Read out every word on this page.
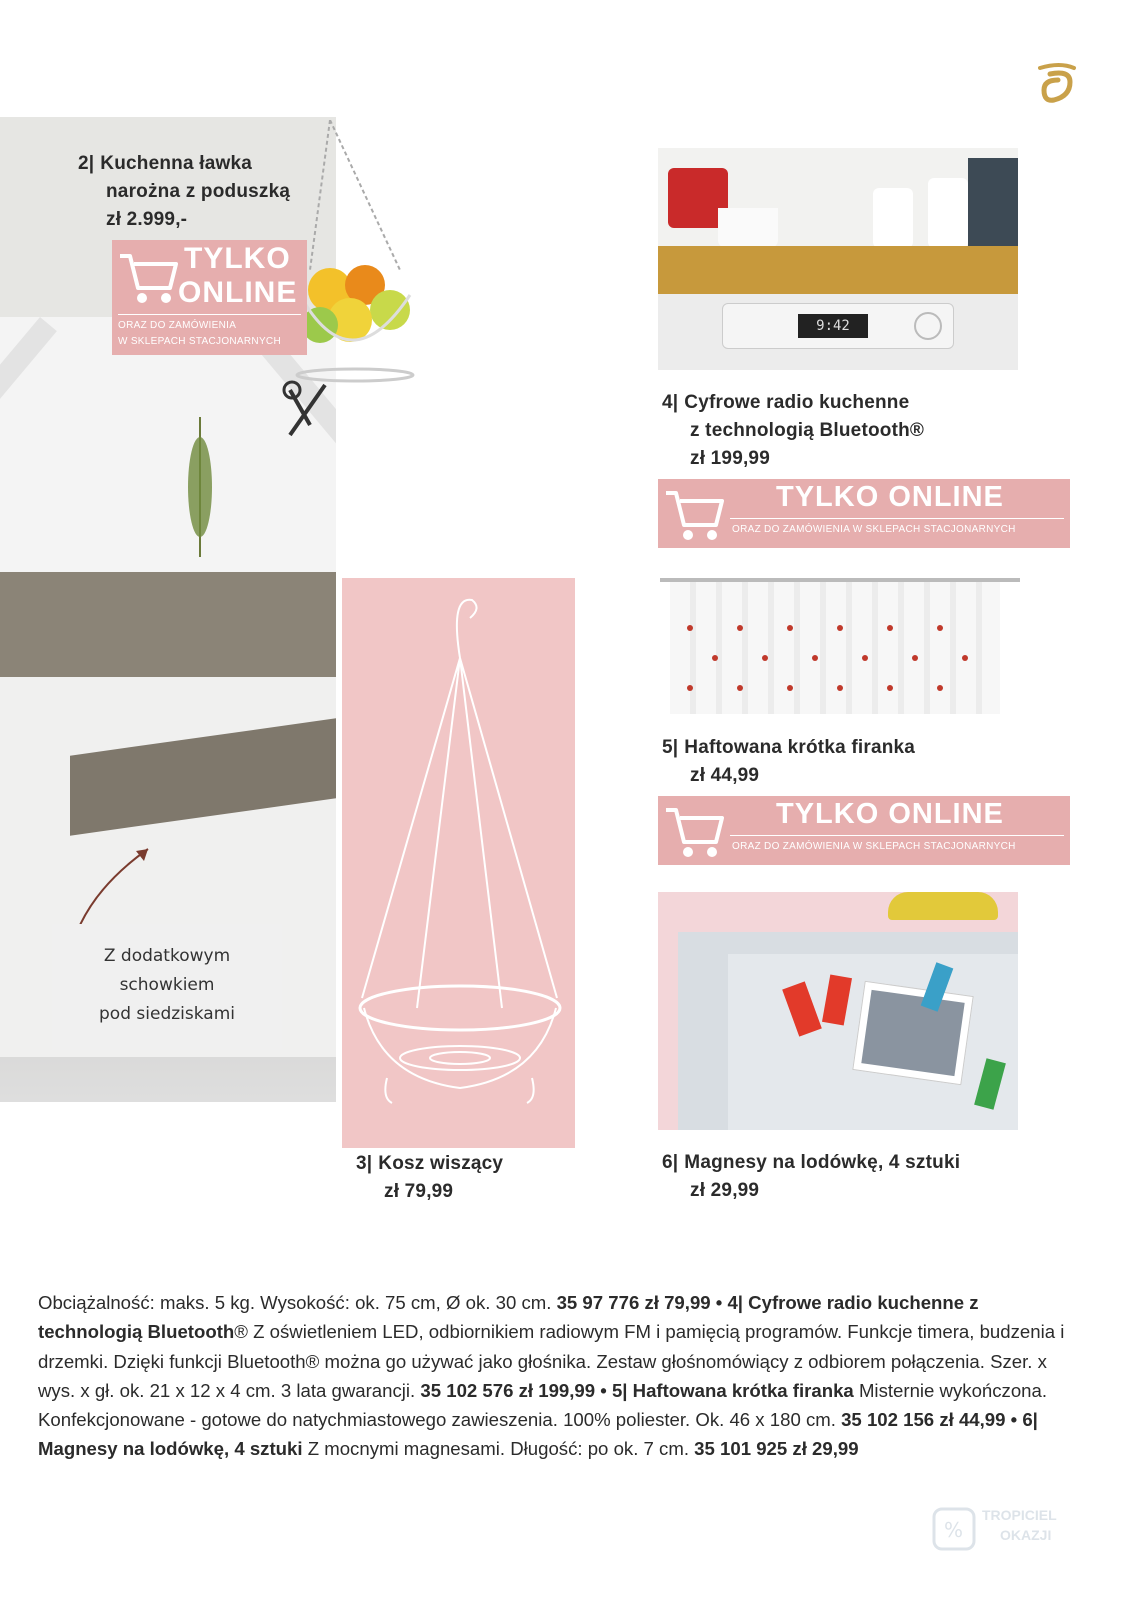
2| Kuchenna ławka
narożna z poduszką
zł 2.999,-
TYLKO
ONLINE
ORAZ DO ZAMÓWIENIA
W SKLEPACH STACJONARNYCH
Z dodatkowym
schowkiem
pod siedziskami
3| Kosz wiszący
zł 79,99
9:42
4| Cyfrowe radio kuchenne
z technologią Bluetooth®
zł 199,99
TYLKO ONLINE
ORAZ DO ZAMÓWIENIA W SKLEPACH STACJONARNYCH
5| Haftowana krótka firanka
zł 44,99
TYLKO ONLINE
ORAZ DO ZAMÓWIENIA W SKLEPACH STACJONARNYCH
6| Magnesy na lodówkę, 4 sztuki
zł 29,99
Obciążalność: maks. 5 kg. Wysokość: ok. 75 cm, Ø ok. 30 cm. 35 97 776 zł 79,99 • 4| Cyfrowe radio kuchenne z technologią Bluetooth® Z oświetleniem LED, odbiornikiem radiowym FM i pamięcią programów. Funkcje timera, budzenia i drzemki. Dzięki funkcji Bluetooth® można go używać jako głośnika. Zestaw głośnomówiący z odbiorem połączenia. Szer. x wys. x gł. ok. 21 x 12 x 4 cm. 3 lata gwarancji. 35 102 576 zł 199,99 • 5| Haftowana krótka firanka Misternie wykończona. Konfekcjonowane - gotowe do natychmiastowego zawieszenia. 100% poliester. Ok. 46 x 180 cm. 35 102 156 zł 44,99 • 6| Magnesy na lodówkę, 4 sztuki Z mocnymi magnesami. Długość: po ok. 7 cm. 35 101 925 zł 29,99
%
TROPICIEL
OKAZJI
